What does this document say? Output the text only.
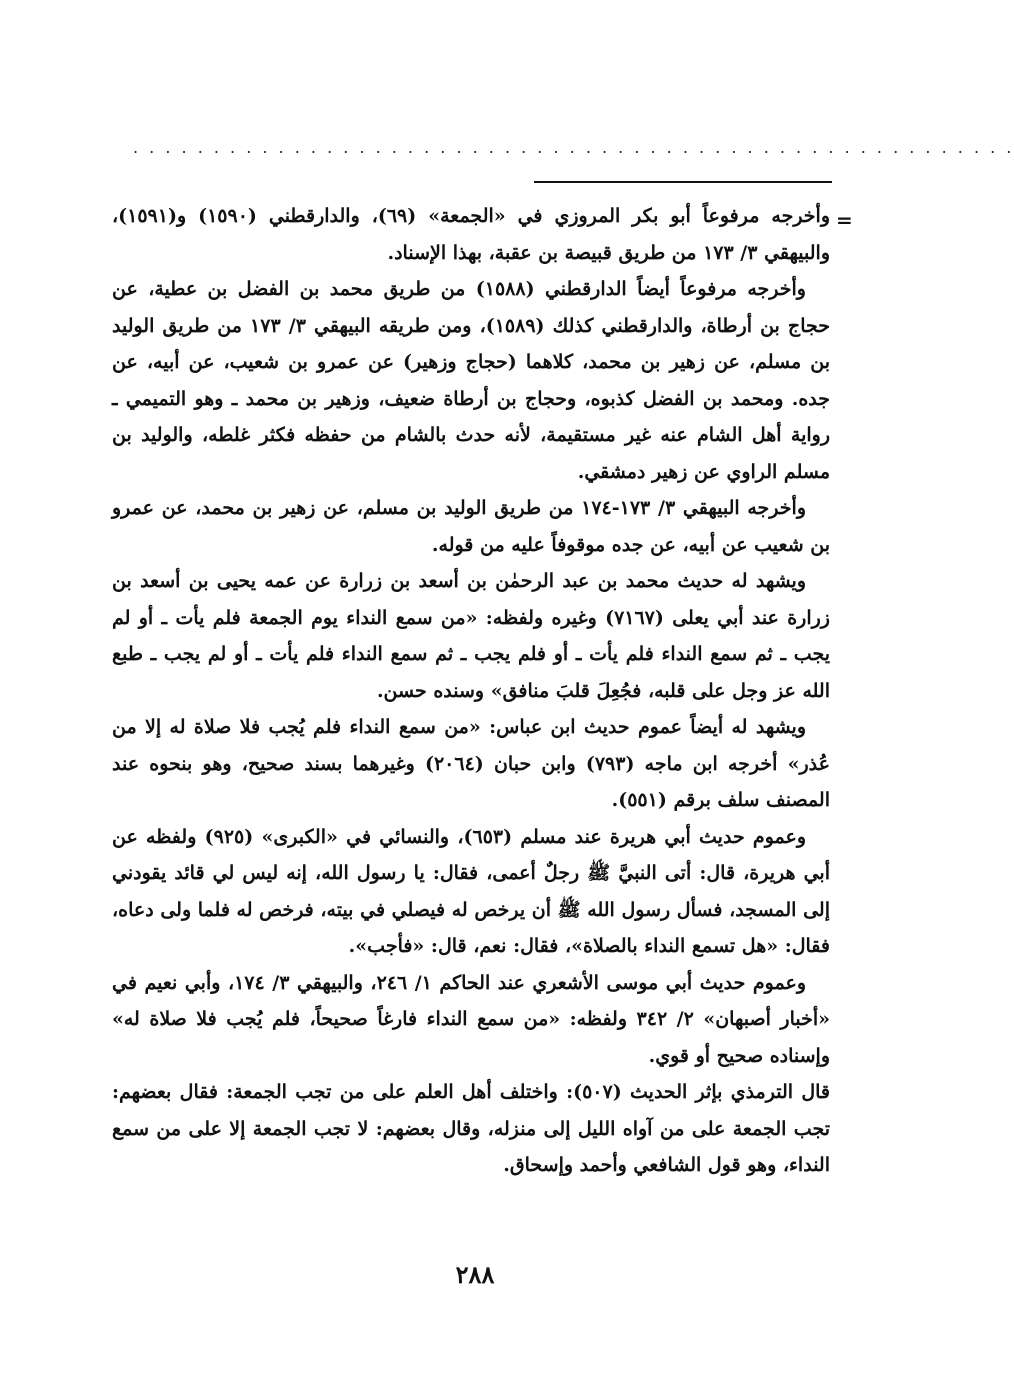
. . . . . . . . . . . . . . . . . . . . . . . . . . . . . . . . . . . . . . . . . . . . . . . . . . . . . . .
=

وأخرجه مرفوعاً أبو بكر المروزي في «الجمعة» (٦٩)، والدارقطني (١٥٩٠) و(١٥٩١)، والبيهقي ٣/ ١٧٣ من طريق قبيصة بن عقبة، بهذا الإسناد.

وأخرجه مرفوعاً أيضاً الدارقطني (١٥٨٨) من طريق محمد بن الفضل بن عطية، عن حجاج بن أرطاة، والدارقطني كذلك (١٥٨٩)، ومن طريقه البيهقي ٣/ ١٧٣ من طريق الوليد بن مسلم، عن زهير بن محمد، كلاهما (حجاج وزهير) عن عمرو بن شعيب، عن أبيه، عن جده. ومحمد بن الفضل كذبوه، وحجاج بن أرطاة ضعيف، وزهير بن محمد ـ وهو التميمي ـ رواية أهل الشام عنه غير مستقيمة، لأنه حدث بالشام من حفظه فكثر غلطه، والوليد بن مسلم الراوي عن زهير دمشقي.

وأخرجه البيهقي ٣/ ١٧٣-١٧٤ من طريق الوليد بن مسلم، عن زهير بن محمد، عن عمرو بن شعيب عن أبيه، عن جده موقوفاً عليه من قوله.

ويشهد له حديث محمد بن عبد الرحمٰن بن أسعد بن زرارة عن عمه يحيى بن أسعد بن زرارة عند أبي يعلى (٧١٦٧) وغيره ولفظه: «من سمع النداء يوم الجمعة فلم يأت ـ أو لم يجب ـ ثم سمع النداء فلم يأت ـ أو فلم يجب ـ ثم سمع النداء فلم يأت ـ أو لم يجب ـ طبع الله عز وجل على قلبه، فجُعِلَ قلبَ منافق» وسنده حسن.

ويشهد له أيضاً عموم حديث ابن عباس: «من سمع النداء فلم يُجب فلا صلاة له إلا من عُذر» أخرجه ابن ماجه (٧٩٣) وابن حبان (٢٠٦٤) وغيرهما بسند صحيح، وهو بنحوه عند المصنف سلف برقم (٥٥١).

وعموم حديث أبي هريرة عند مسلم (٦٥٣)، والنسائي في «الكبرى» (٩٢٥) ولفظه عن أبي هريرة، قال: أتى النبيَّ ﷺ رجلٌ أعمى، فقال: يا رسول الله، إنه ليس لي قائد يقودني إلى المسجد، فسأل رسول الله ﷺ أن يرخص له فيصلي في بيته، فرخص له فلما ولى دعاه، فقال: «هل تسمع النداء بالصلاة»، فقال: نعم، قال: «فأجب».

وعموم حديث أبي موسى الأشعري عند الحاكم ١/ ٢٤٦، والبيهقي ٣/ ١٧٤، وأبي نعيم في «أخبار أصبهان» ٢/ ٣٤٢ ولفظه: «من سمع النداء فارغاً صحيحاً، فلم يُجب فلا صلاة له» وإسناده صحيح أو قوي.

قال الترمذي بإثر الحديث (٥٠٧): واختلف أهل العلم على من تجب الجمعة: فقال بعضهم: تجب الجمعة على من آواه الليل إلى منزله، وقال بعضهم: لا تجب الجمعة إلا على من سمع النداء، وهو قول الشافعي وأحمد وإسحاق.

٢٨٨
